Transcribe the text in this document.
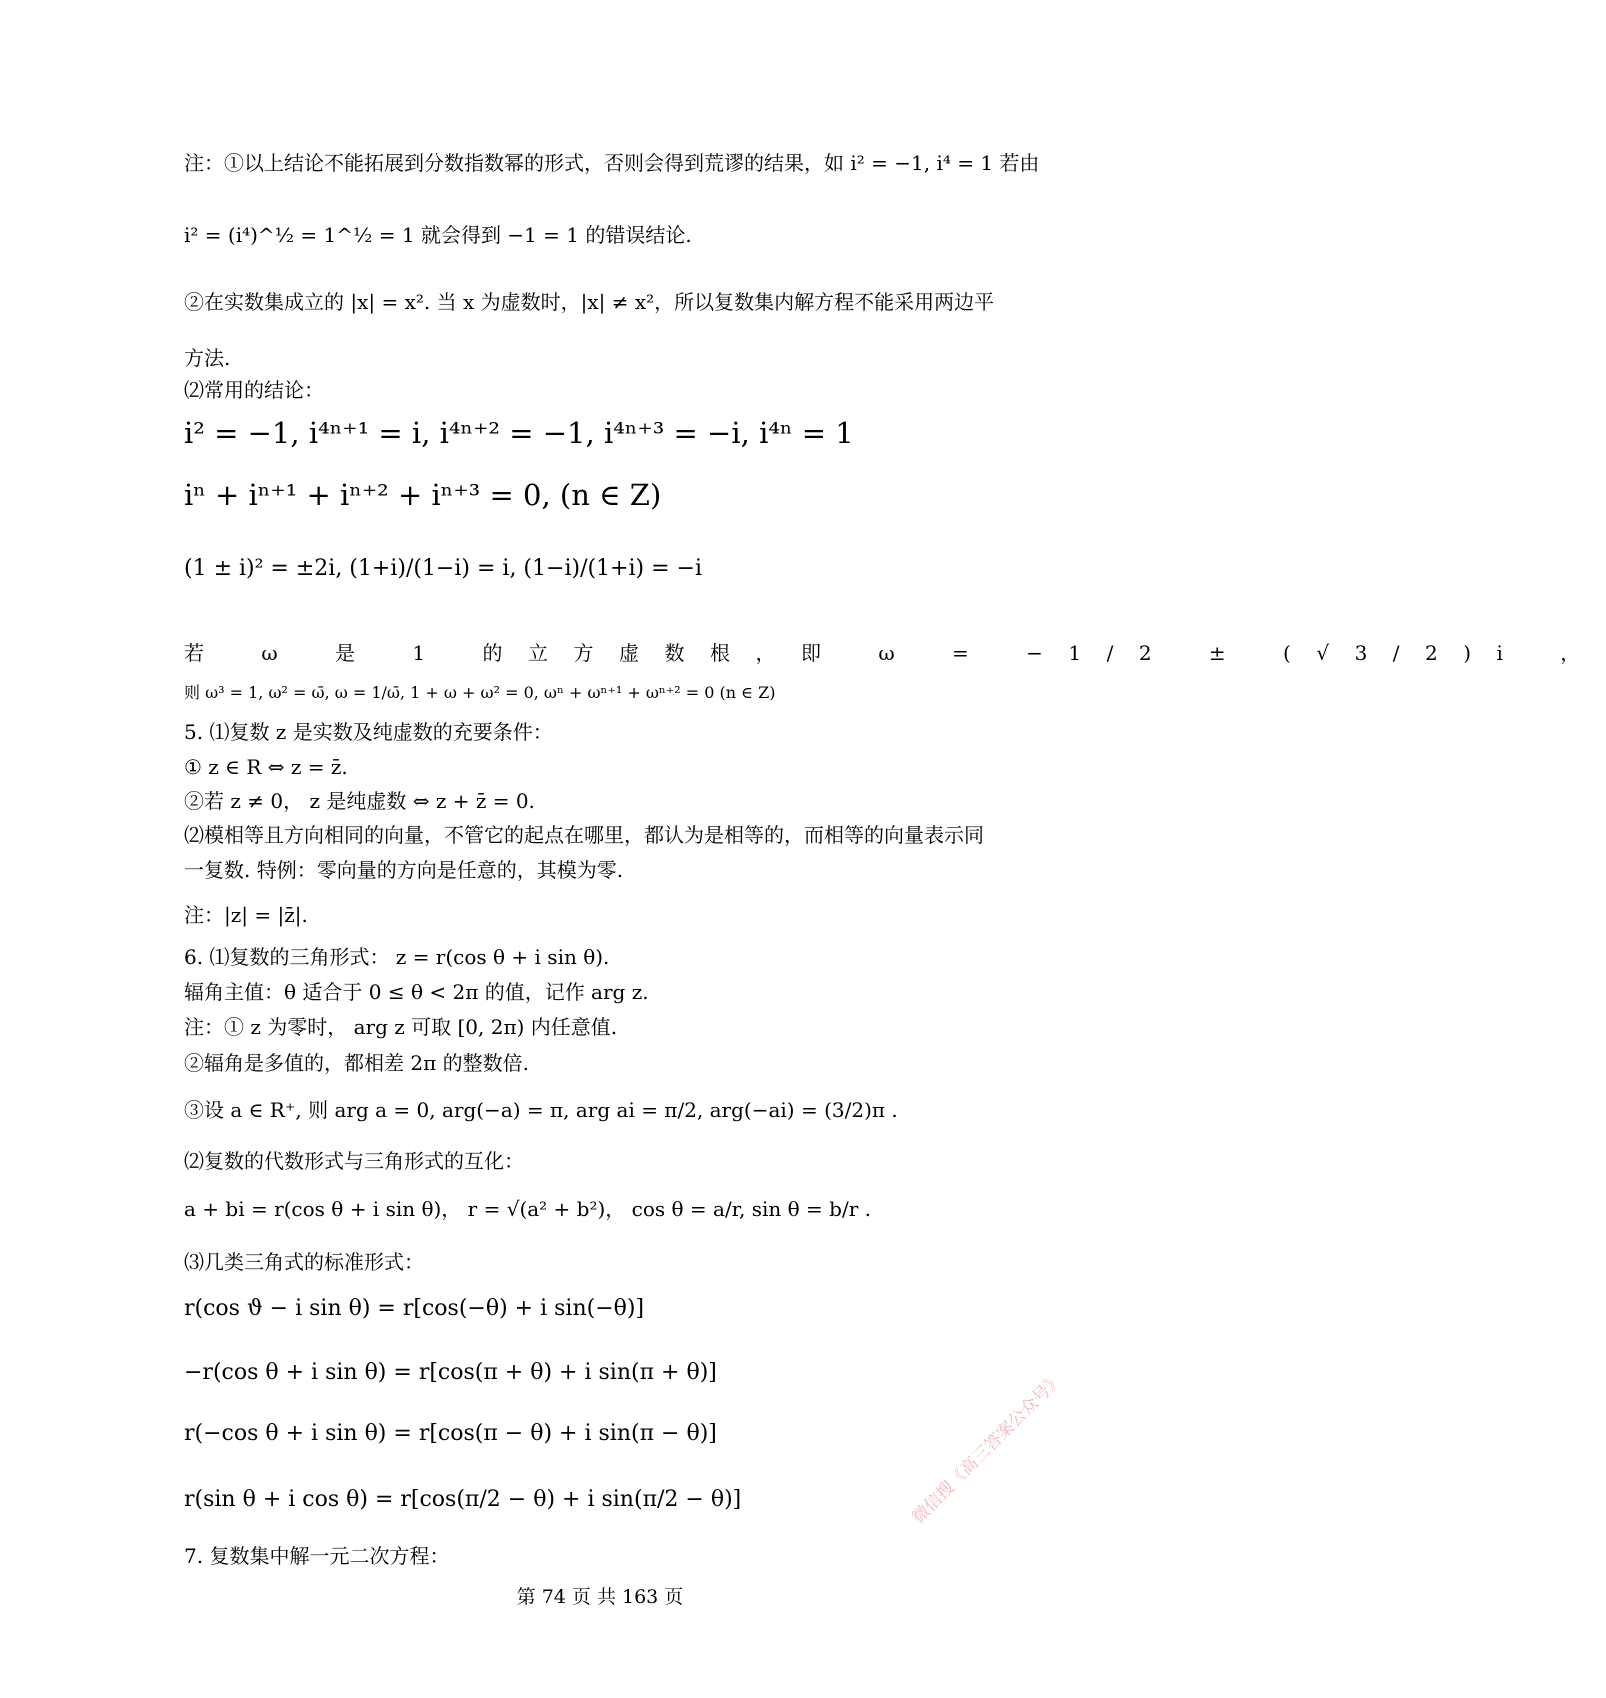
注：①以上结论不能拓展到分数指数幂的形式，否则会得到荒谬的结果，如 i² = −1, i⁴ = 1 若由
i² = (i⁴)^½ = 1^½ = 1 就会得到 −1 = 1 的错误结论.
②在实数集成立的 |x| = x². 当 x 为虚数时，|x| ≠ x²，所以复数集内解方程不能采用两边平
方法.
⑵常用的结论：
i² = −1, i⁴ⁿ⁺¹ = i, i⁴ⁿ⁺² = −1, i⁴ⁿ⁺³ = −i, i⁴ⁿ = 1
iⁿ + iⁿ⁺¹ + iⁿ⁺² + iⁿ⁺³ = 0, (n ∈ Z)
(1 ± i)² = ±2i, (1+i)/(1−i) = i, (1−i)/(1+i) = −i
若 ω 是 1 的立方虚数根，即 ω = −1/2 ± (√3/2)i ，
则 ω³ = 1, ω² = ω̄, ω = 1/ω̄, 1 + ω + ω² = 0, ωⁿ + ωⁿ⁺¹ + ωⁿ⁺² = 0 (n ∈ Z)
5. ⑴复数 z 是实数及纯虚数的充要条件：
① z ∈ R ⇔ z = z̄.
②若 z ≠ 0， z 是纯虚数 ⇔ z + z̄ = 0.
⑵模相等且方向相同的向量，不管它的起点在哪里，都认为是相等的，而相等的向量表示同
一复数. 特例：零向量的方向是任意的，其模为零.
注：|z| = |z̄|.
6. ⑴复数的三角形式： z = r(cos θ + i sin θ).
辐角主值：θ 适合于 0 ≤ θ < 2π 的值，记作 arg z.
注：① z 为零时， arg z 可取 [0, 2π) 内任意值.
②辐角是多值的，都相差 2π 的整数倍.
③设 a ∈ R⁺, 则 arg a = 0, arg(−a) = π, arg ai = π/2, arg(−ai) = (3/2)π .
⑵复数的代数形式与三角形式的互化：
a + bi = r(cos θ + i sin θ)， r = √(a² + b²)， cos θ = a/r, sin θ = b/r .
⑶几类三角式的标准形式：
r(cos ϑ − i sin θ) = r[cos(−θ) + i sin(−θ)]
−r(cos θ + i sin θ) = r[cos(π + θ) + i sin(π + θ)]
r(−cos θ + i sin θ) = r[cos(π − θ) + i sin(π − θ)]
r(sin θ + i cos θ) = r[cos(π/2 − θ) + i sin(π/2 − θ)]
7. 复数集中解一元二次方程：
第 74 页 共 163 页
微信搜《高三答案公众号》
